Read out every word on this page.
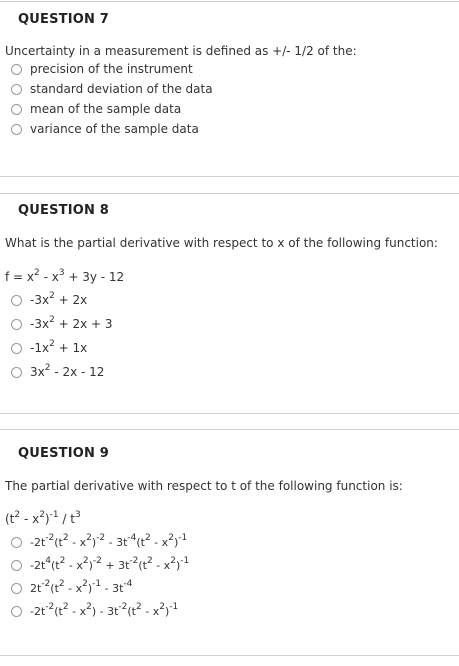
QUESTION 7
Uncertainty in a measurement is defined as +/- 1/2 of the:
precision of the instrument
standard deviation of the data
mean of the sample data
variance of the sample data
QUESTION 8
What is the partial derivative with respect to x of the following function:
$f = x^2 - x^3 + 3y - 12$
$-3x^2 + 2x$
$-3x^2 + 2x + 3$
$-1x^2 + 1x$
$3x^2 - 2x - 12$
QUESTION 9
The partial derivative with respect to t of the following function is:
$(t^2 - x^2)^{-1} / t^3$
$-2t^{-2}(t^2 - x^2)^{-2} - 3t^{-4}(t^2 - x^2)^{-1}$
$-2t^4(t^2 - x^2)^{-2} + 3t^{-2}(t^2 - x^2)^{-1}$
$2t^{-2}(t^2 - x^2)^{-1} - 3t^{-4}$
$-2t^{-2}(t^2 - x^2) - 3t^{-2}(t^2 - x^2)^{-1}$
